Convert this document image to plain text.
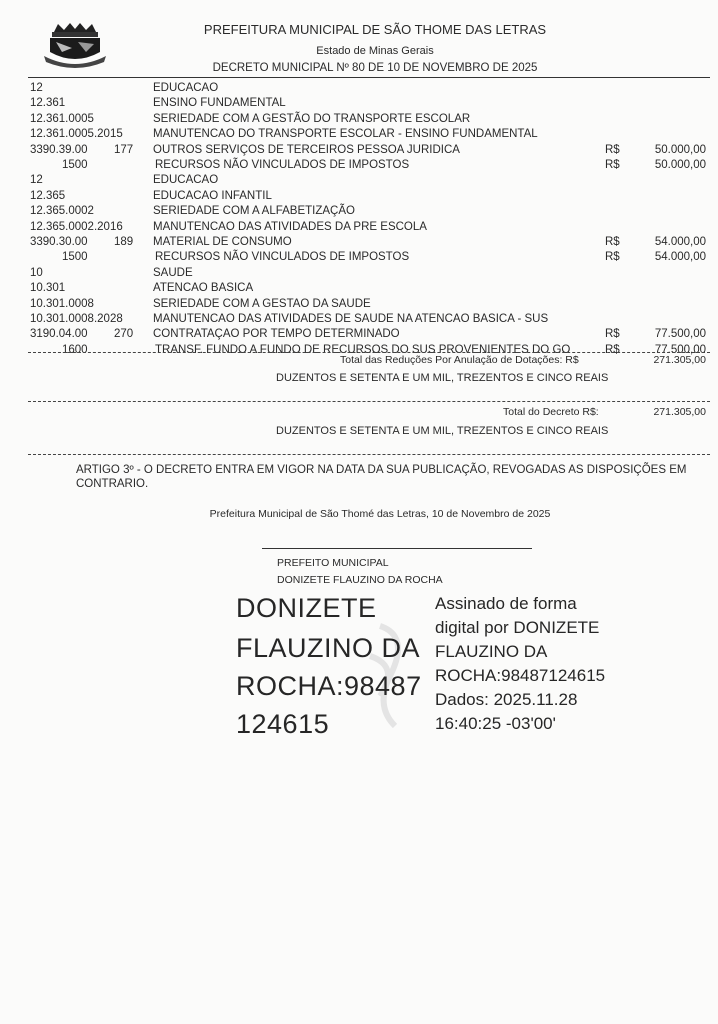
PREFEITURA MUNICIPAL DE SÃO THOME DAS LETRAS
Estado de Minas Gerais
DECRETO MUNICIPAL Nº 80 DE 10 DE NOVEMBRO DE 2025
12	EDUCACAO
12.361	ENSINO FUNDAMENTAL
12.361.0005	SERIEDADE COM A GESTÃO DO TRANSPORTE ESCOLAR
12.361.0005.2015	MANUTENCAO DO TRANSPORTE ESCOLAR - ENSINO FUNDAMENTAL
3390.39.00 177 OUTROS SERVIÇOS DE TERCEIROS PESSOA JURIDICA	R$	50.000,00
1500	RECURSOS NÃO VINCULADOS DE IMPOSTOS	R$	50.000,00
12	EDUCACAO
12.365	EDUCACAO INFANTIL
12.365.0002	SERIEDADE COM A ALFABETIZAÇÃO
12.365.0002.2016	MANUTENCAO DAS ATIVIDADES DA PRE ESCOLA
3390.30.00 189 MATERIAL DE CONSUMO	R$	54.000,00
1500	RECURSOS NÃO VINCULADOS DE IMPOSTOS	R$	54.000,00
10	SAUDE
10.301	ATENCAO BASICA
10.301.0008	SERIEDADE COM A GESTAO DA SAUDE
10.301.0008.2028	MANUTENCAO DAS ATIVIDADES DE SAUDE NA ATENCAO BASICA - SUS
3190.04.00 270 CONTRATAÇAO POR TEMPO DETERMINADO	R$	77.500,00
1600	TRANSF. FUNDO A FUNDO DE RECURSOS DO SUS PROVENIENTES DO GO	R$	77.500,00
Total das Reduções Por Anulação de Dotações: R$	271.305,00
DUZENTOS E SETENTA E UM MIL, TREZENTOS E CINCO REAIS
Total do Decreto R$:	271.305,00
DUZENTOS E SETENTA E UM MIL, TREZENTOS E CINCO REAIS
ARTIGO 3º - O DECRETO ENTRA EM VIGOR NA DATA DA SUA PUBLICAÇÃO, REVOGADAS AS DISPOSIÇÕES EM CONTRARIO.
Prefeitura Municipal de São Thomé das Letras, 10 de Novembro de 2025
PREFEITO MUNICIPAL
DONIZETE FLAUZINO DA ROCHA
DONIZETE
FLAUZINO DA
ROCHA:98487
124615
Assinado de forma
digital por DONIZETE
FLAUZINO DA
ROCHA:98487124615
Dados: 2025.11.28
16:40:25 -03'00'
